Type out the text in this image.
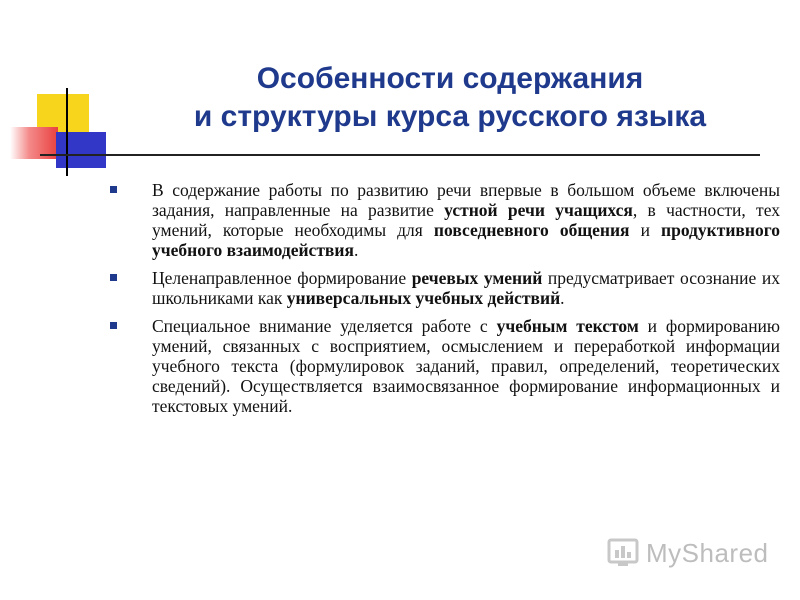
Особенности содержания
и структуры курса русского языка
В содержание работы по развитию речи впервые в большом объеме включены задания, направленные на развитие устной речи учащихся, в частности, тех умений, которые необходимы для повседневного общения и продуктивного учебного взаимодействия.
Целенаправленное формирование речевых умений предусматривает осознание их школьниками как универсальных учебных действий.
Специальное внимание уделяется работе с учебным текстом и формированию умений, связанных с восприятием, осмыслением и переработкой информации учебного текста (формулировок заданий, правил, определений, теоретических сведений). Осуществляется взаимосвязанное формирование информационных и текстовых умений.
MyShared
